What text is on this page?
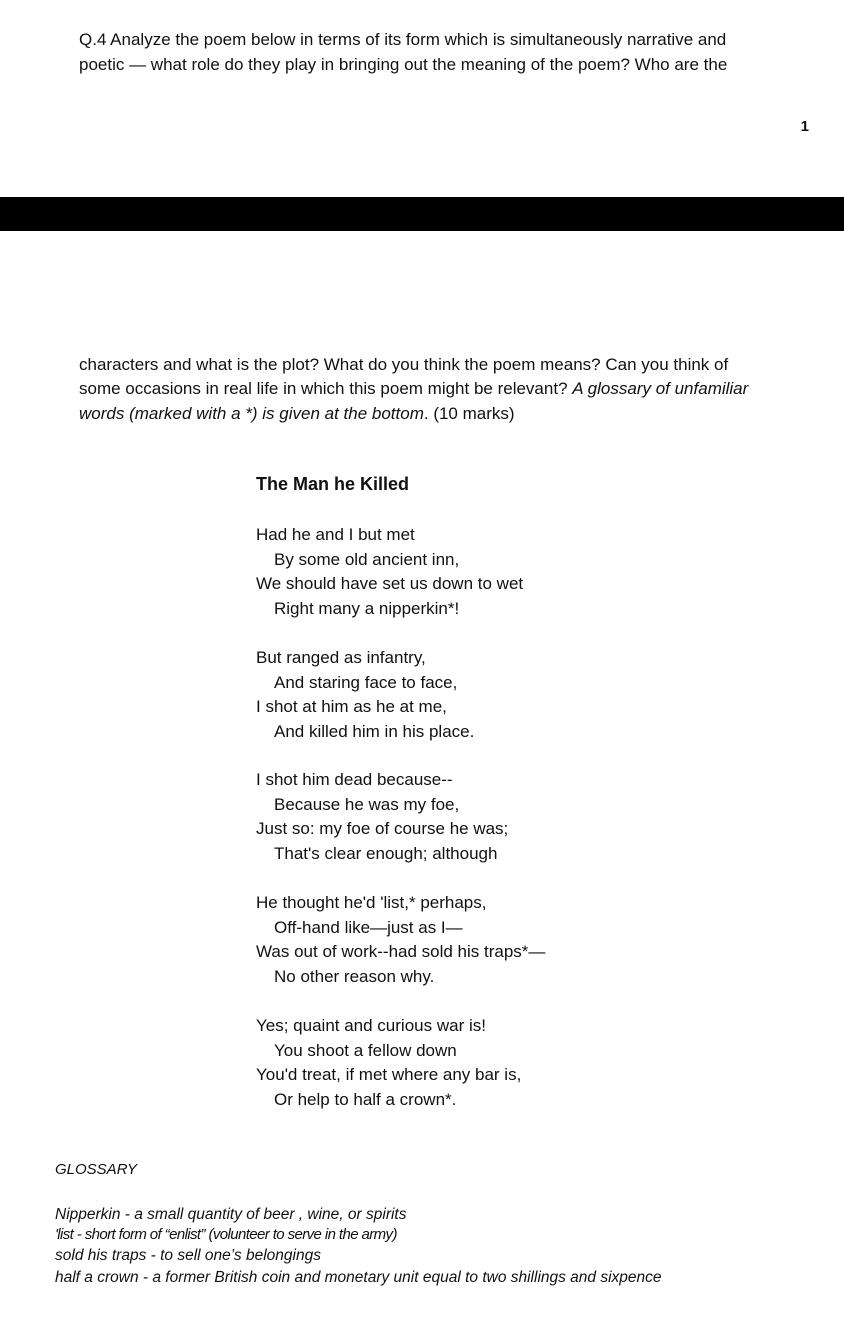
Q.4 Analyze the poem below in terms of its form which is simultaneously narrative and
poetic — what role do they play in bringing out the meaning of the poem? Who are the
1
characters and what is the plot? What do you think the poem means? Can you think of
some occasions in real life in which this poem might be relevant? A glossary of unfamiliar
words (marked with a *) is given at the bottom. (10 marks)
The Man he Killed
Had he and I but met
By some old ancient inn,
We should have set us down to wet
Right many a nipperkin*!
But ranged as infantry,
And staring face to face,
I shot at him as he at me,
And killed him in his place.
I shot him dead because--
Because he was my foe,
Just so: my foe of course he was;
That's clear enough; although
He thought he'd 'list,* perhaps,
Off-hand like—just as I—
Was out of work--had sold his traps*—
No other reason why.
Yes; quaint and curious war is!
You shoot a fellow down
You'd treat, if met where any bar is,
Or help to half a crown*.
GLOSSARY
Nipperkin - a small quantity of beer , wine, or spirits
'list - short form of “enlist” (volunteer to serve in the army)
sold his traps - to sell one’s belongings
half a crown - a former British coin and monetary unit equal to two shillings and sixpence
